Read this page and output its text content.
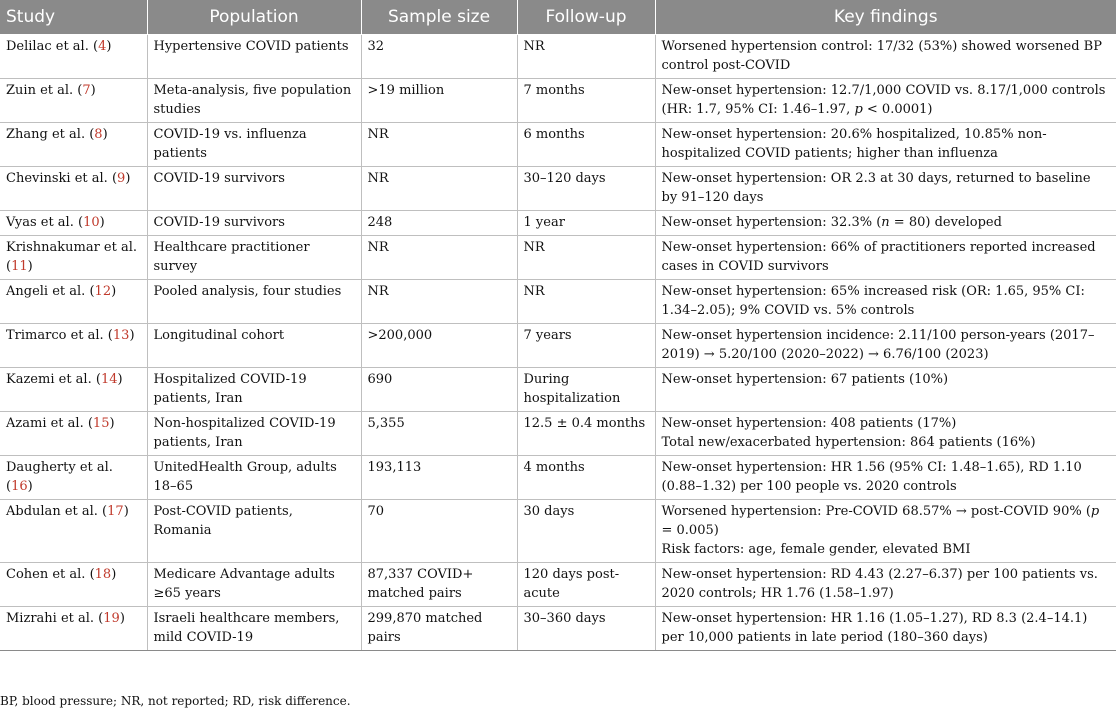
Study	Population	Sample size	Follow-up	Key findings
Delilac et al. (4)	Hypertensive COVID patients	32	NR	Worsened hypertension control: 17/32 (53%) showed worsened BP control post-COVID

Zuin et al. (7)	Meta-analysis, five population studies	>19 million	7 months	New-onset hypertension: 12.7/1,000 COVID vs. 8.17/1,000 controls (HR: 1.7, 95% CI: 1.46–1.97, p < 0.0001)

Zhang et al. (8)	COVID-19 vs. influenza patients	NR	6 months	New-onset hypertension: 20.6% hospitalized, 10.85% non-hospitalized COVID patients; higher than influenza

Chevinski et al. (9)	COVID-19 survivors	NR	30–120 days	New-onset hypertension: OR 2.3 at 30 days, returned to baseline by 91–120 days

Vyas et al. (10)	COVID-19 survivors	248	1 year	New-onset hypertension: 32.3% (n = 80) developed

Krishnakumar et al. (11)	Healthcare practitioner survey	NR	NR	New-onset hypertension: 66% of practitioners reported increased cases in COVID survivors

Angeli et al. (12)	Pooled analysis, four studies	NR	NR	New-onset hypertension: 65% increased risk (OR: 1.65, 95% CI: 1.34–2.05); 9% COVID vs. 5% controls

Trimarco et al. (13)	Longitudinal cohort	>200,000	7 years	New-onset hypertension incidence: 2.11/100 person-years (2017–2019) → 5.20/100 (2020–2022) → 6.76/100 (2023)

Kazemi et al. (14)	Hospitalized COVID-19 patients, Iran	690	During hospitalization	New-onset hypertension: 67 patients (10%)

Azami et al. (15)	Non-hospitalized COVID-19 patients, Iran	5,355	12.5 ± 0.4 months	New-onset hypertension: 408 patients (17%)
Total new/exacerbated hypertension: 864 patients (16%)

Daugherty et al. (16)	UnitedHealth Group, adults 18–65	193,113	4 months	New-onset hypertension: HR 1.56 (95% CI: 1.48–1.65), RD 1.10 (0.88–1.32) per 100 people vs. 2020 controls

Abdulan et al. (17)	Post-COVID patients, Romania	70	30 days	Worsened hypertension: Pre-COVID 68.57% → post-COVID 90% (p = 0.005)
Risk factors: age, female gender, elevated BMI

Cohen et al. (18)	Medicare Advantage adults ≥65 years	87,337 COVID+ matched pairs	120 days post-acute	New-onset hypertension: RD 4.43 (2.27–6.37) per 100 patients vs. 2020 controls; HR 1.76 (1.58–1.97)

Mizrahi et al. (19)	Israeli healthcare members, mild COVID-19	299,870 matched pairs	30–360 days	New-onset hypertension: HR 1.16 (1.05–1.27), RD 8.3 (2.4–14.1) per 10,000 patients in late period (180–360 days)
BP, blood pressure; NR, not reported; RD, risk difference.
